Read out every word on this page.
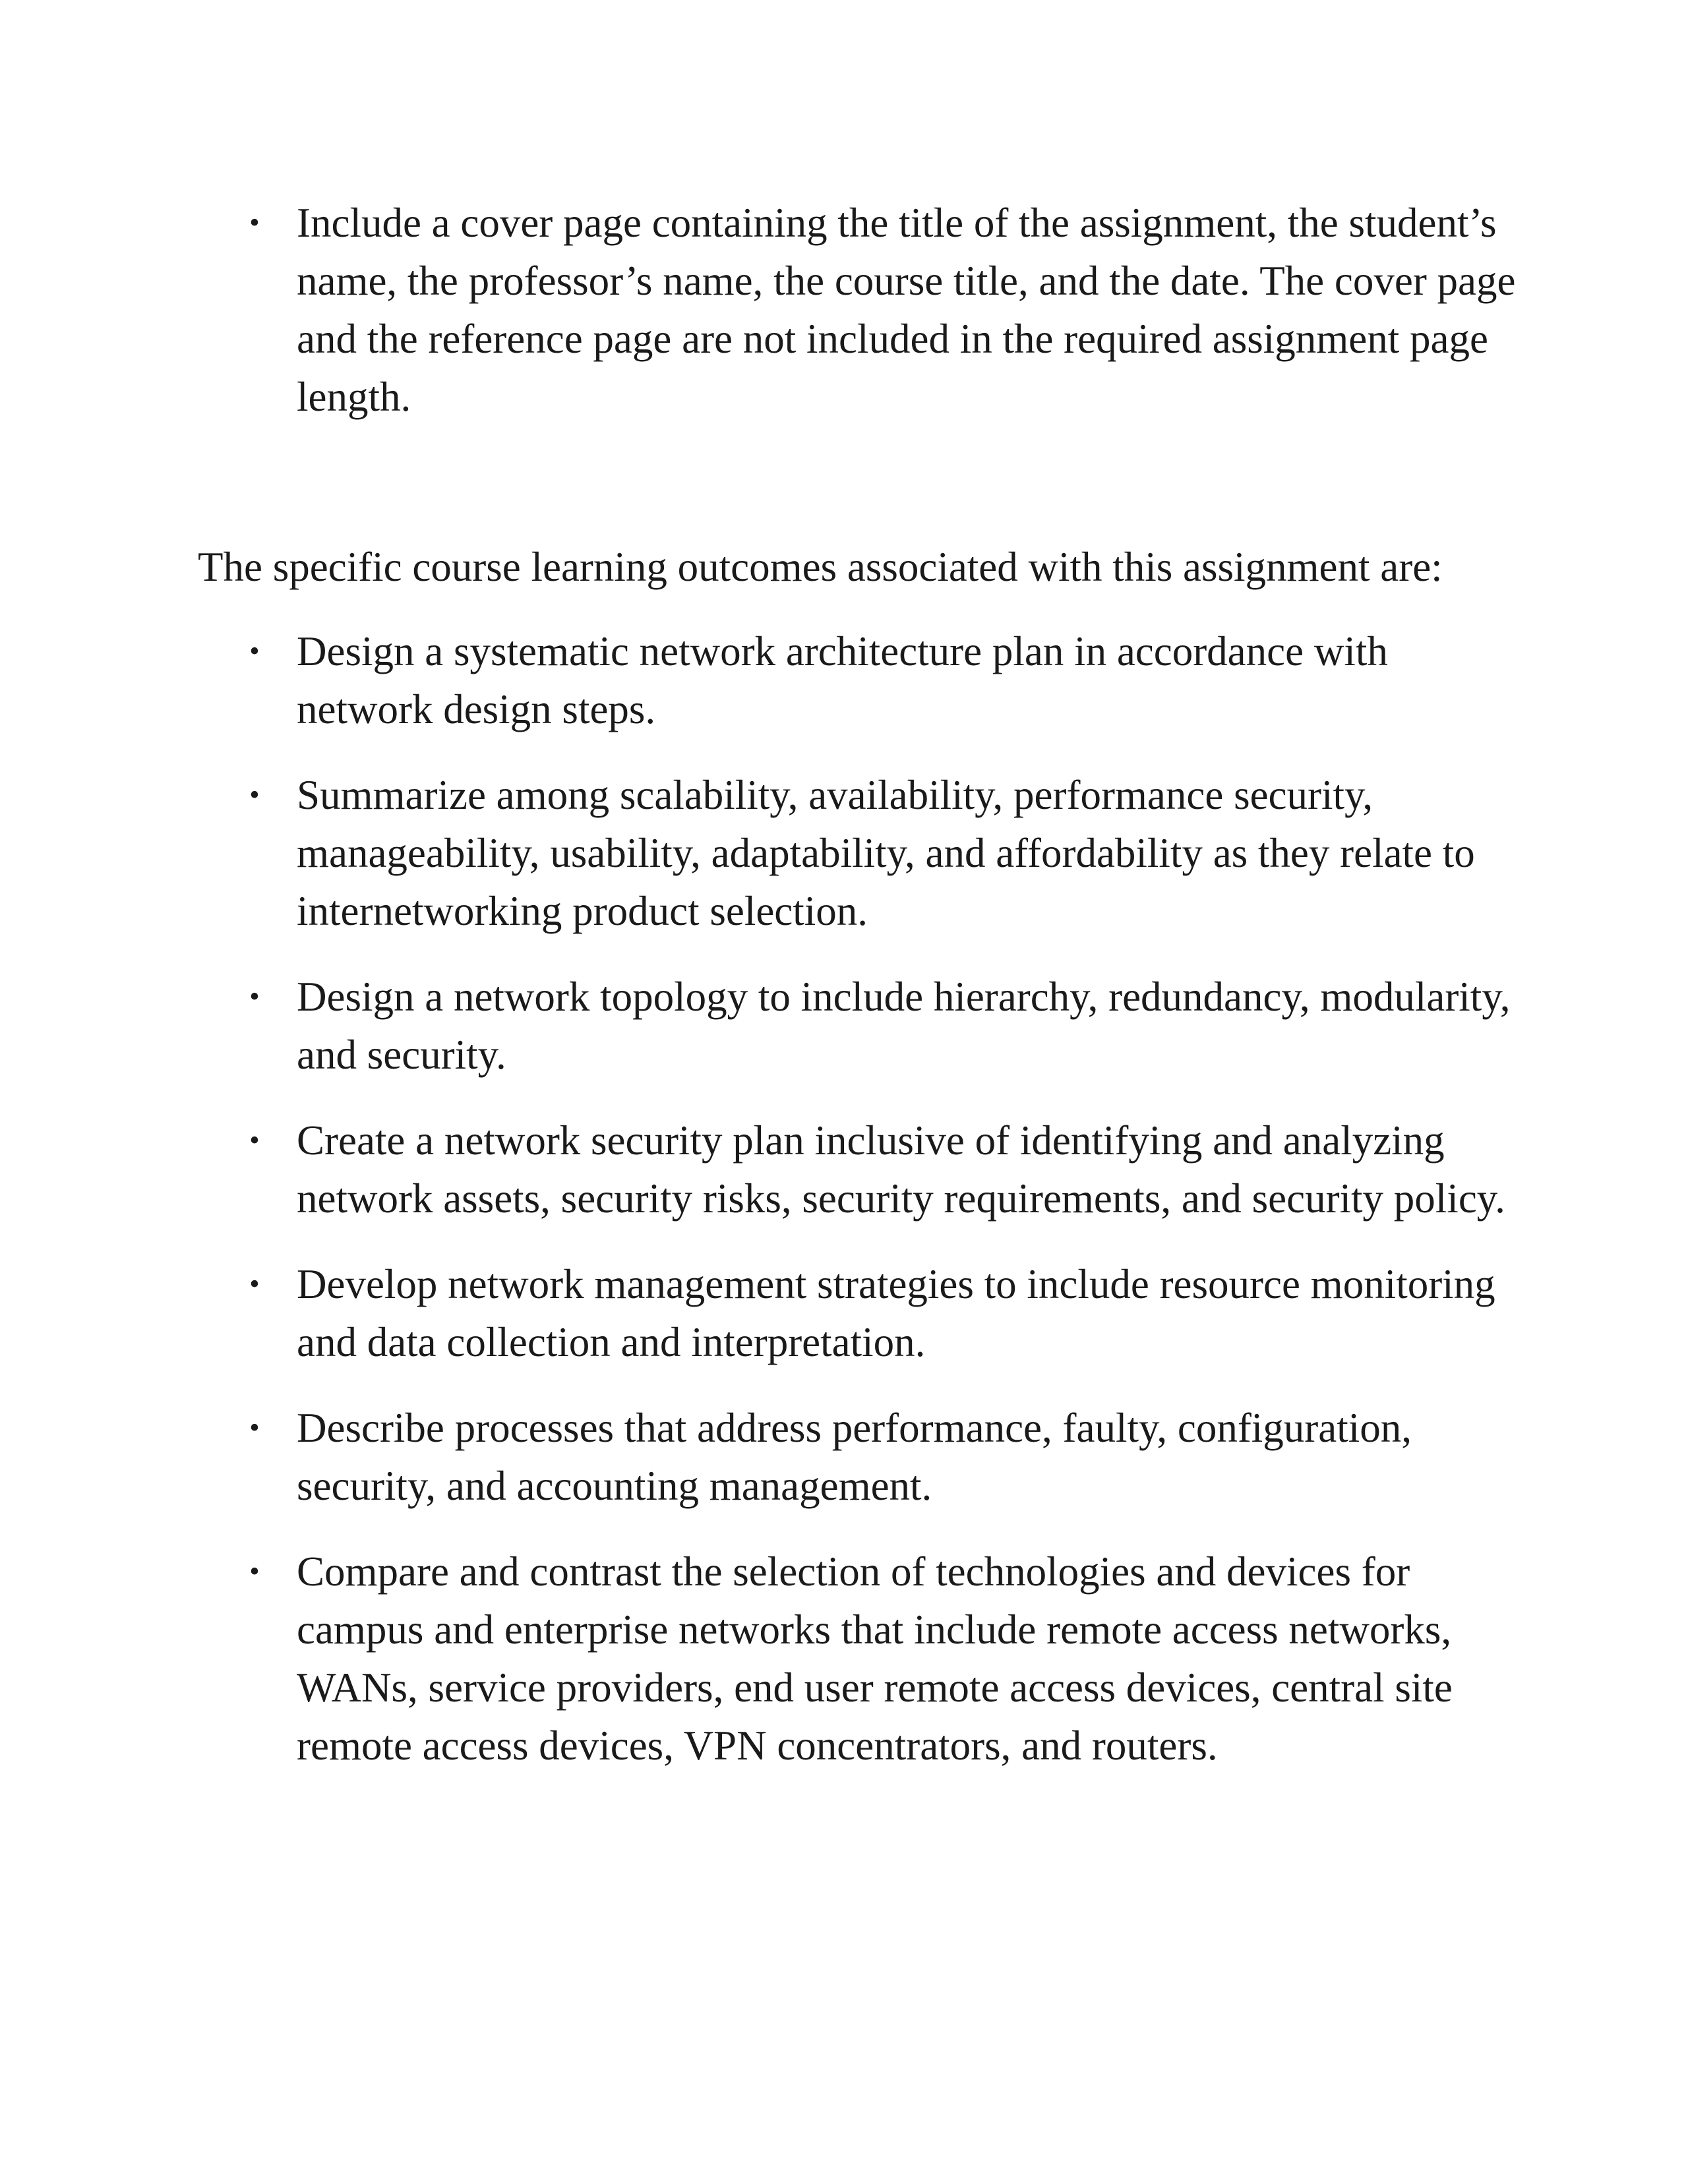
• Include a cover page containing the title of the assignment, the student’s name, the professor’s name, the course title, and the date. The cover page and the reference page are not included in the required assignment page length.

The specific course learning outcomes associated with this assignment are:

• Design a systematic network architecture plan in accordance with network design steps.
• Summarize among scalability, availability, performance security, manageability, usability, adaptability, and affordability as they relate to internetworking product selection.
• Design a network topology to include hierarchy, redundancy, modularity, and security.
• Create a network security plan inclusive of identifying and analyzing network assets, security risks, security requirements, and security policy.
• Develop network management strategies to include resource monitoring and data collection and interpretation.
• Describe processes that address performance, faulty, configuration, security, and accounting management.
• Compare and contrast the selection of technologies and devices for campus and enterprise networks that include remote access networks, WANs, service providers, end user remote access devices, central site remote access devices, VPN concentrators, and routers.
